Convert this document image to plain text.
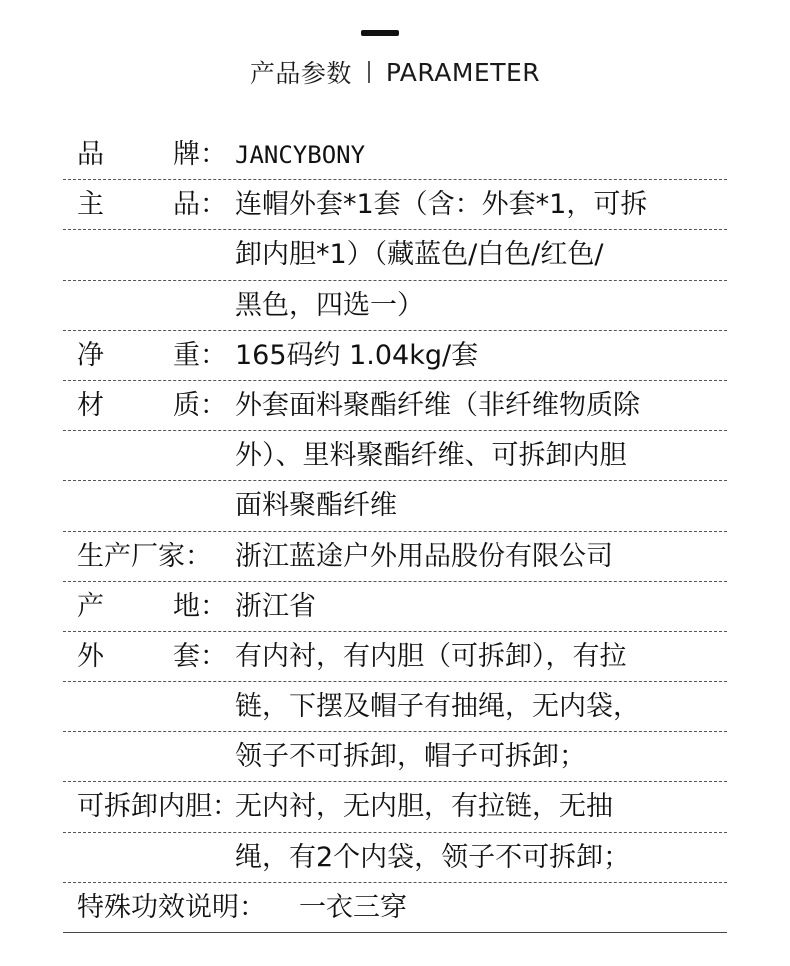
产品参数 PARAMETER
品	牌： JANCYBONY
主	品： 连帽外套*1套（含：外套*1，可拆
卸内胆*1）（藏蓝色/白色/红色/
黑色，四选一）
净	重： 165码约 1.04kg/套
材	质： 外套面料聚酯纤维（非纤维物质除
外）、里料聚酯纤维、可拆卸内胆
面料聚酯纤维
生产厂家： 浙江蓝途户外用品股份有限公司
产	地： 浙江省
外	套： 有内衬，有内胆（可拆卸），有拉
链，下摆及帽子有抽绳，无内袋，
领子不可拆卸，帽子可拆卸；
可拆卸内胆：
无内衬，无内胆，有拉链，无抽
绳，有2个内袋，领子不可拆卸；
特殊功效说明： 一衣三穿
